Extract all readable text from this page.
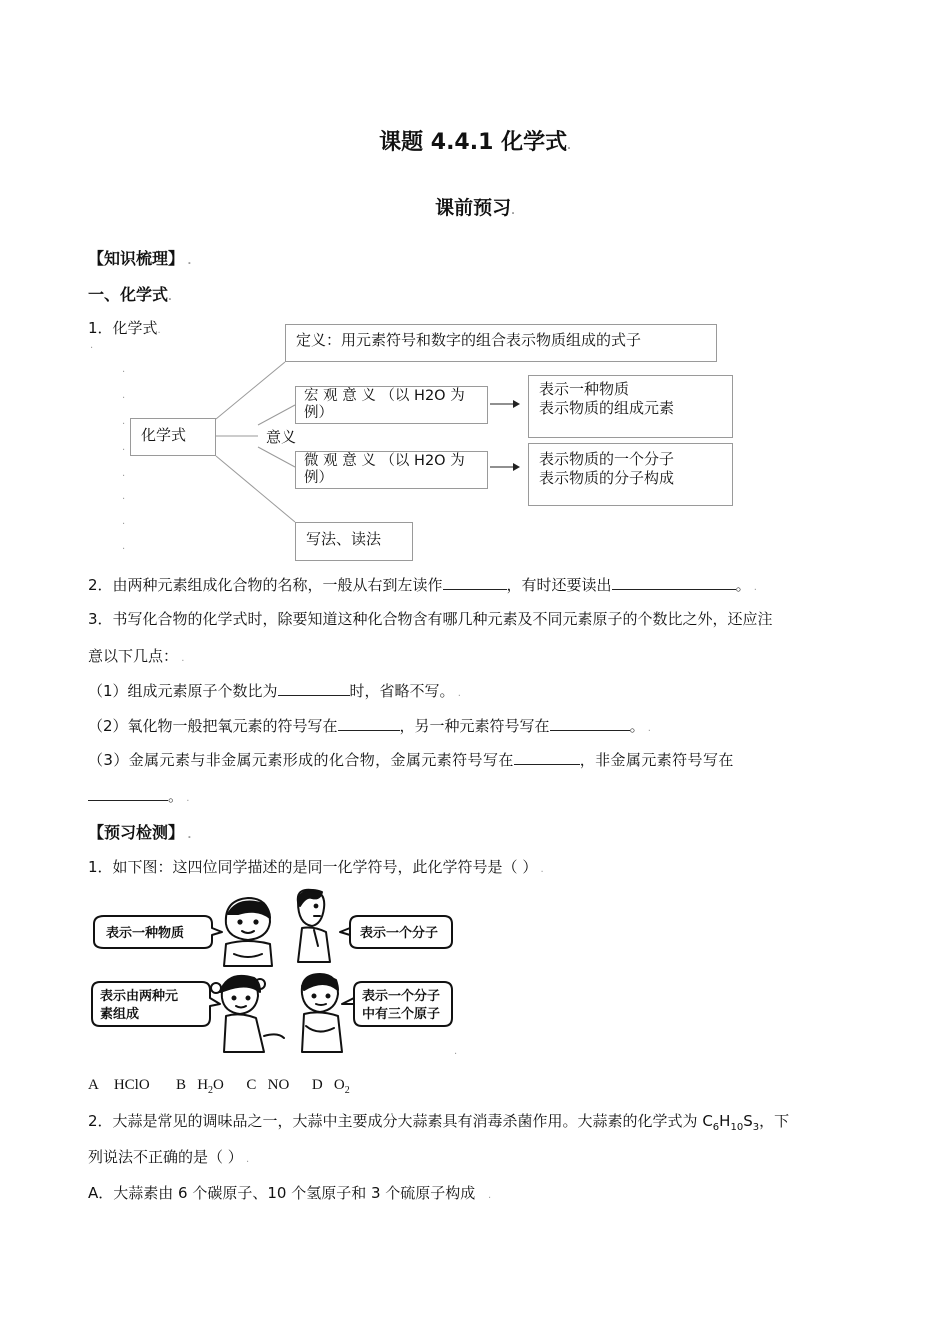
课题 4.4.1 化学式.
课前预习.
【知识梳理】 .
一、化学式.
1．化学式.
.
.
.
.
.
.
.
.
.
化学式
定义：用元素符号和数字的组合表示物质组成的式子
意义
宏 观 意 义 （以 H2O 为
例）
微 观 意 义 （以 H2O 为
例）
表示一种物质
表示物质的组成元素
表示物质的一个分子
表示物质的分子构成
写法、读法
2．由两种元素组成化合物的名称，一般从右到左读作	，有时还要读出	。 .
3．书写化合物的化学式时，除要知道这种化合物含有哪几种元素及不同元素原子的个数比之外，还应注
意以下几点： .
（1）组成元素原子个数比为	时，省略不写。 .
（2）氧化物一般把氧元素的符号写在	，另一种元素符号写在	。 .
（3）金属元素与非金属元素形成的化合物，金属元素符号写在	，非金属元素符号写在
。 .
【预习检测】 .
1．如下图：这四位同学描述的是同一化学符号，此化学符号是（ ） .
表示一种物质	表示一个分子
表示由两种元
素组成
表示一个分子
中有三个原子
.
A HClO B $H_2O$ C NO D $O_2$
2．大蒜是常见的调味品之一，大蒜中主要成分大蒜素具有消毒杀菌作用。大蒜素的化学式为 $C_6H_{10}S_3$，下
列说法不正确的是（ ） .
A．大蒜素由 6 个碳原子、10 个氢原子和 3 个硫原子构成    .
